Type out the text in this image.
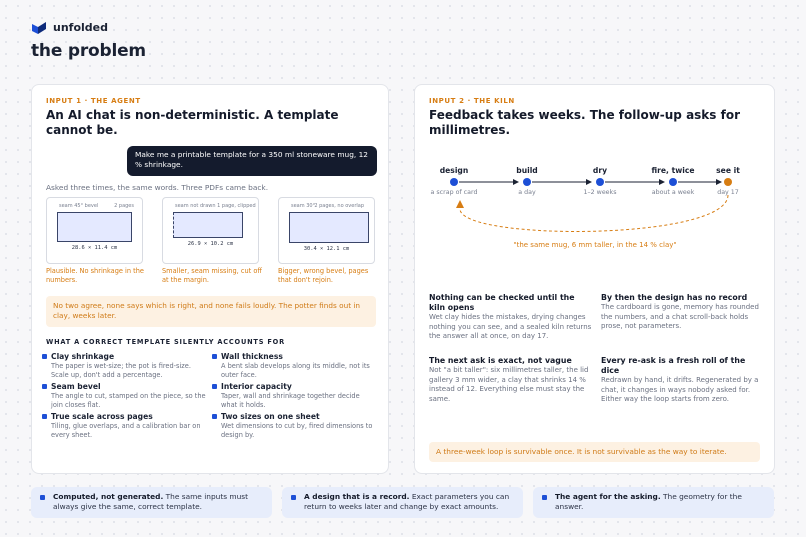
unfolded
the problem
INPUT 1 · THE AGENT
An AI chat is non-deterministic. A template cannot be.
Make me a printable template for a 350 ml stoneware mug, 12 % shrinkage.
Asked three times, the same words. Three PDFs came back.
seam 45° bevel	2 pages
28.6 × 11.4 cm
Plausible. No shrinkage in the numbers.
seam not drawn 1 page, clipped
26.9 × 10.2 cm
Smaller, seam missing, cut off at the margin.
seam 30° 2 pages, no overlap
30.4 × 12.1 cm
Bigger, wrong bevel, pages that don't rejoin.
No two agree, none says which is right, and none fails loudly. The potter finds out in clay, weeks later.
WHAT A CORRECT TEMPLATE SILENTLY ACCOUNTS FOR
Clay shrinkage
The paper is wet-size; the pot is fired-size. Scale up, don't add a percentage.
Wall thickness
A bent slab develops along its middle, not its outer face.
Seam bevel
The angle to cut, stamped on the piece, so the join closes flat.
Interior capacity
Taper, wall and shrinkage together decide what it holds.
True scale across pages
Tiling, glue overlaps, and a calibration bar on every sheet.
Two sizes on one sheet
Wet dimensions to cut by, fired dimensions to design by.
INPUT 2 · THE KILN
Feedback takes weeks. The follow-up asks for millimetres.
design	build	dry	fire, twice	see it
a scrap of card	a day	1–2 weeks	about a week	day 17
"the same mug, 6 mm taller, in the 14 % clay"
Nothing can be checked until the kiln opens
Wet clay hides the mistakes, drying changes nothing you can see, and a sealed kiln returns the answer all at once, on day 17.
By then the design has no record
The cardboard is gone, memory has rounded the numbers, and a chat scroll-back holds prose, not parameters.
The next ask is exact, not vague
Not "a bit taller": six millimetres taller, the lid gallery 3 mm wider, a clay that shrinks 14 % instead of 12. Everything else must stay the same.
Every re-ask is a fresh roll of the dice
Redrawn by hand, it drifts. Regenerated by a chat, it changes in ways nobody asked for. Either way the loop starts from zero.
A three-week loop is survivable once. It is not survivable as the way to iterate.
Computed, not generated. The same inputs must always give the same, correct template.
A design that is a record. Exact parameters you can return to weeks later and change by exact amounts.
The agent for the asking. The geometry for the answer.
